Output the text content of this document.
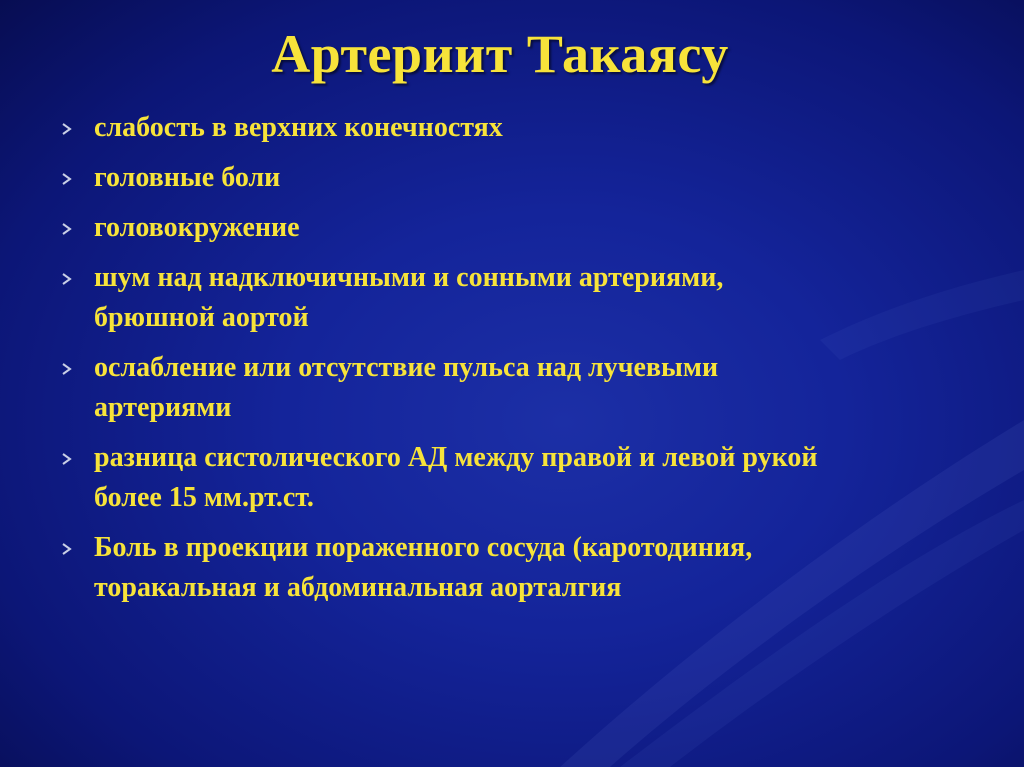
Артериит Такаясу
слабость в верхних конечностях
головные боли
головокружение
шум над надключичными и сонными артериями,
брюшной аортой
ослабление или отсутствие пульса над лучевыми
артериями
разница систолического АД между правой и левой рукой
более 15 мм.рт.ст.
Боль в проекции пораженного сосуда (каротодиния,
торакальная и абдоминальная аорталгия
